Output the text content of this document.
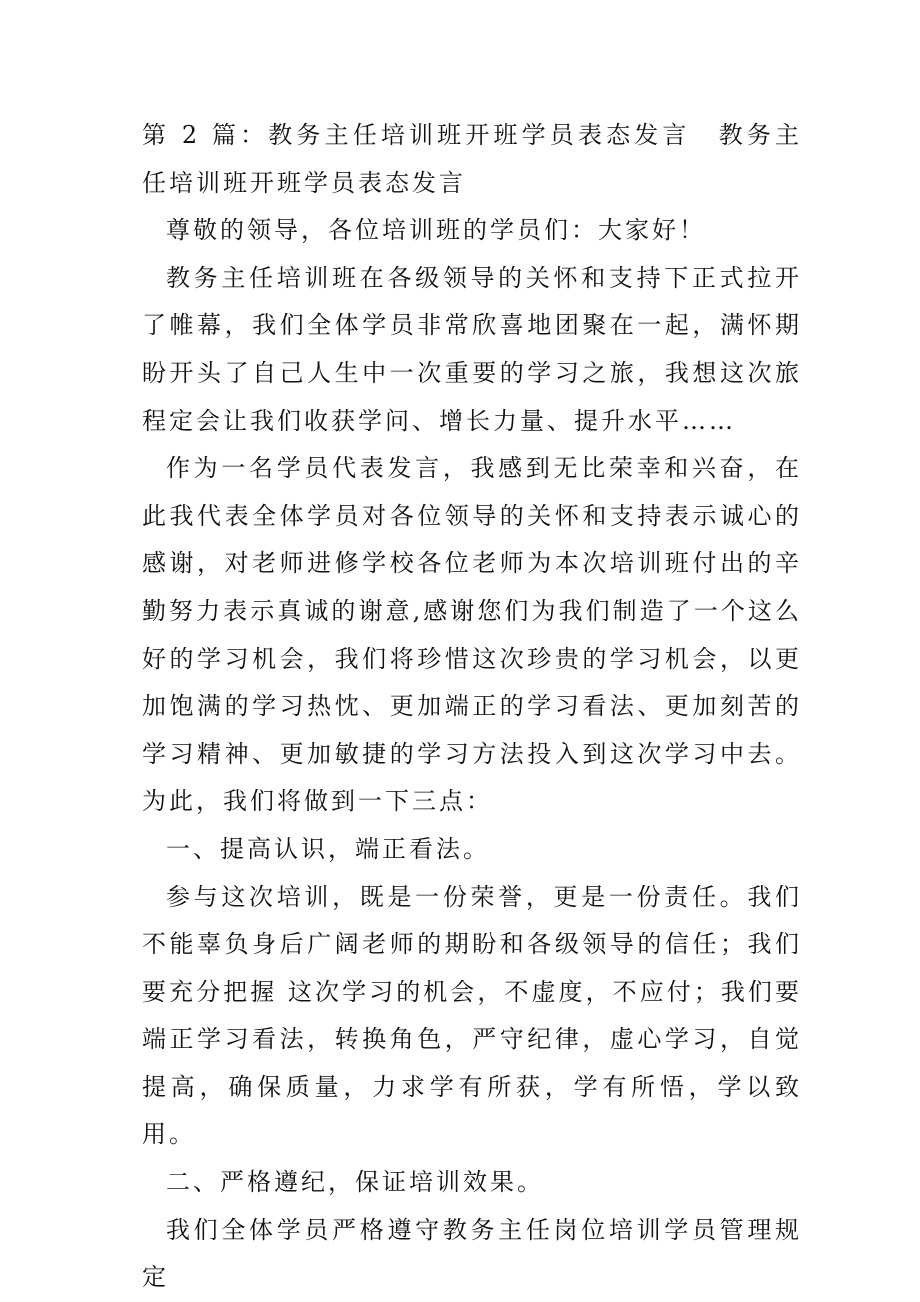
第 2 篇：教务主任培训班开班学员表态发言　教务主任培训班开班学员表态发言

尊敬的领导，各位培训班的学员们：大家好！

教务主任培训班在各级领导的关怀和支持下正式拉开了帷幕，我们全体学员非常欣喜地团聚在一起，满怀期盼开头了自己人生中一次重要的学习之旅，我想这次旅程定会让我们收获学问、增长力量、提升水平……

作为一名学员代表发言，我感到无比荣幸和兴奋，在此我代表全体学员对各位领导的关怀和支持表示诚心的感谢，对老师进修学校各位老师为本次培训班付出的辛勤努力表示真诚的谢意,感谢您们为我们制造了一个这么好的学习机会，我们将珍惜这次珍贵的学习机会，以更加饱满的学习热忱、更加端正的学习看法、更加刻苦的学习精神、更加敏捷的学习方法投入到这次学习中去。为此，我们将做到一下三点：

一、提高认识，端正看法。

参与这次培训，既是一份荣誉，更是一份责任。我们不能辜负身后广阔老师的期盼和各级领导的信任；我们要充分把握 这次学习的机会，不虚度，不应付；我们要端正学习看法，转换角色，严守纪律，虚心学习，自觉提高，确保质量，力求学有所获，学有所悟，学以致用。

二、严格遵纪，保证培训效果。

我们全体学员严格遵守教务主任岗位培训学员管理规定
